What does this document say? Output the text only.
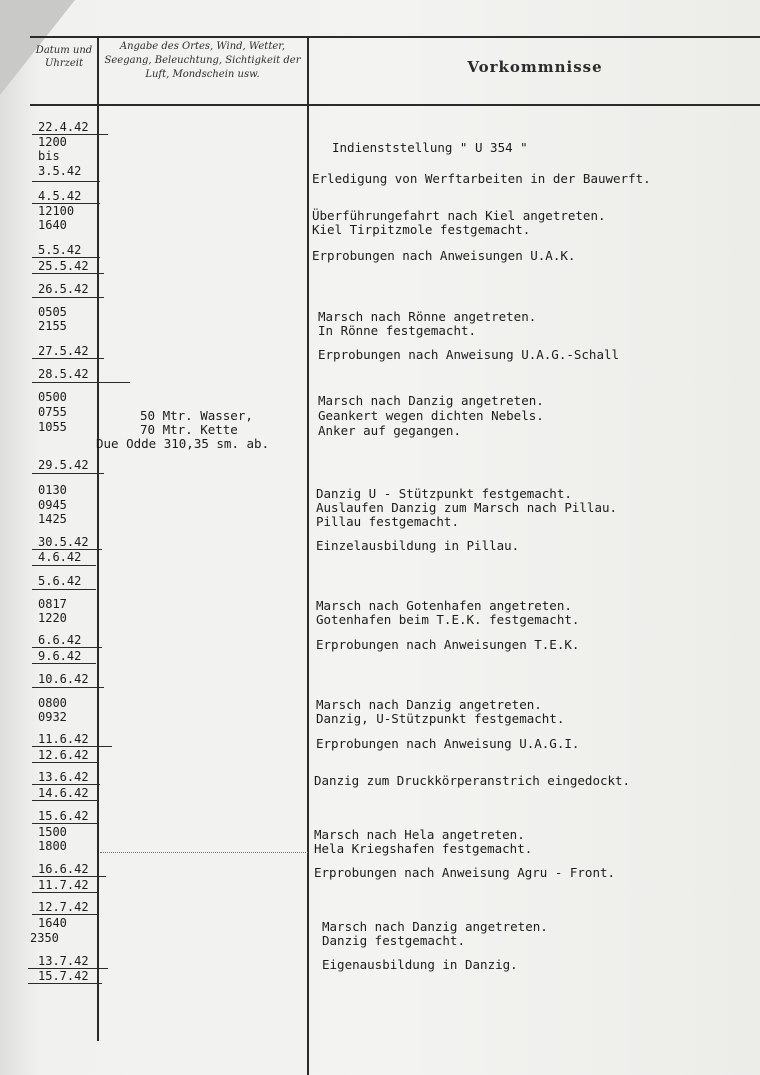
Datum und Uhrzeit
Angabe des Ortes, Wind, Wetter, Seegang, Beleuchtung, Sichtigkeit der Luft, Mondschein usw.	Vorkommnisse
22.4.42
1200
bis
3.5.42
4.5.42
12100
1640
5.5.42
25.5.42
26.5.42
0505
2155
27.5.42
28.5.42
0500
0755
1055
29.5.42
0130
0945
1425
30.5.42
4.6.42
5.6.42
0817
1220
6.6.42
9.6.42
10.6.42
0800
0932
11.6.42
12.6.42
13.6.42
14.6.42
15.6.42
1500
1800
16.6.42
11.7.42
12.7.42
1640
2350
13.7.42
15.7.42
50 Mtr. Wasser,
70 Mtr. Kette
Due Odde 310,35 sm. ab.
Indienststellung " U 354 "
Erledigung von Werftarbeiten in der Bauwerft.
Überführungefahrt nach Kiel angetreten.
Kiel Tirpitzmole festgemacht.
Erprobungen nach Anweisungen U.A.K.
Marsch nach Rönne angetreten.
In Rönne festgemacht.
Erprobungen nach Anweisung U.A.G.-Schall
Marsch nach Danzig angetreten.
Geankert wegen dichten Nebels.
Anker auf gegangen.
Danzig U - Stützpunkt festgemacht.
Auslaufen Danzig zum Marsch nach Pillau.
Pillau festgemacht.
Einzelausbildung in Pillau.
Marsch nach Gotenhafen angetreten.
Gotenhafen beim T.E.K. festgemacht.
Erprobungen nach Anweisungen T.E.K.
Marsch nach Danzig angetreten.
Danzig, U-Stützpunkt festgemacht.
Erprobungen nach Anweisung U.A.G.I.
Danzig zum Druckkörperanstrich eingedockt.
Marsch nach Hela angetreten.
Hela Kriegshafen festgemacht.
Erprobungen nach Anweisung Agru - Front.
Marsch nach Danzig angetreten.
Danzig festgemacht.
Eigenausbildung in Danzig.
